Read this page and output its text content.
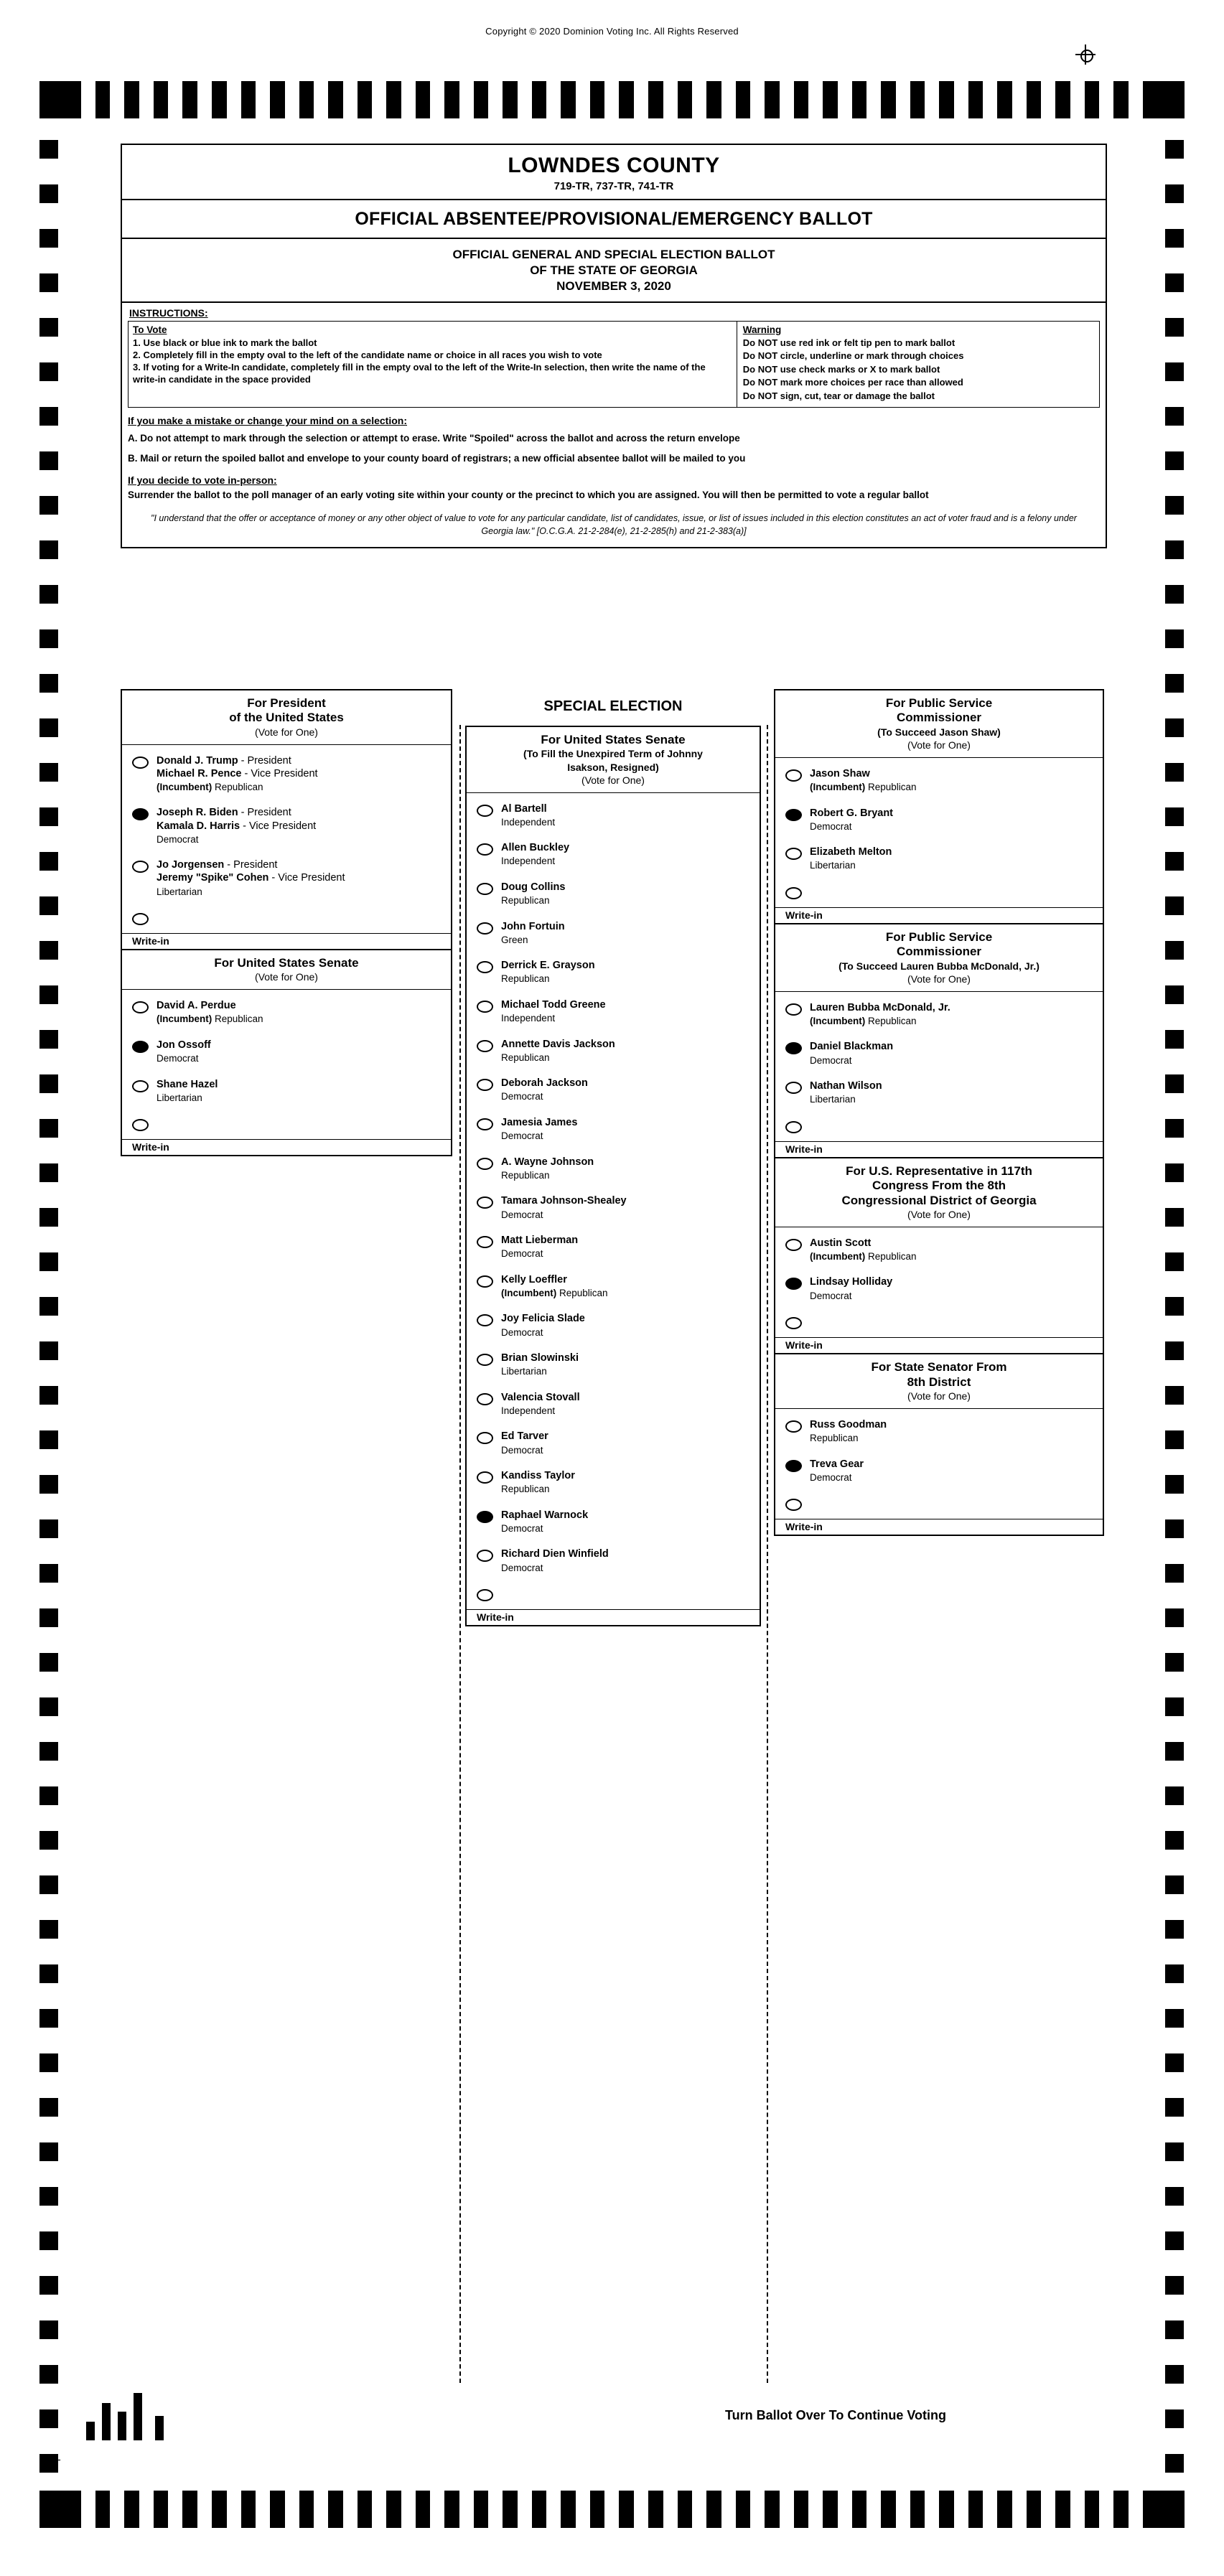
Copyright © 2020 Dominion Voting Inc. All Rights Reserved
LOWNDES COUNTY
719-TR, 737-TR, 741-TR
OFFICIAL ABSENTEE/PROVISIONAL/EMERGENCY BALLOT
OFFICIAL GENERAL AND SPECIAL ELECTION BALLOT
OF THE STATE OF GEORGIA
NOVEMBER 3, 2020
INSTRUCTIONS:
To Vote
1. Use black or blue ink to mark the ballot
2. Completely fill in the empty oval to the left of the candidate name or choice in all races you wish to vote
3. If voting for a Write-In candidate, completely fill in the empty oval to the left of the Write-In selection, then write the name of the write-in candidate in the space provided
Warning
Do NOT use red ink or felt tip pen to mark ballot
Do NOT circle, underline or mark through choices
Do NOT use check marks or X to mark ballot
Do NOT mark more choices per race than allowed
Do NOT sign, cut, tear or damage the ballot
If you make a mistake or change your mind on a selection:
A. Do not attempt to mark through the selection or attempt to erase. Write "Spoiled" across the ballot and across the return envelope
B. Mail or return the spoiled ballot and envelope to your county board of registrars; a new official absentee ballot will be mailed to you
If you decide to vote in-person:
Surrender the ballot to the poll manager of an early voting site within your county or the precinct to which you are assigned. You will then be permitted to vote a regular ballot
"I understand that the offer or acceptance of money or any other object of value to vote for any particular candidate, list of candidates, issue, or list of issues included in this election constitutes an act of voter fraud and is a felony under Georgia law." [O.C.G.A. 21-2-284(e), 21-2-285(h) and 21-2-383(a)]
For President
of the United States
(Vote for One)
Donald J. Trump - President
Michael R. Pence - Vice President
(Incumbent) Republican
Joseph R. Biden - President
Kamala D. Harris - Vice President
Democrat
Jo Jorgensen - President
Jeremy "Spike" Cohen - Vice President
Libertarian
Write-in
For United States Senate
(Vote for One)
David A. Perdue
(Incumbent) Republican
Jon Ossoff
Democrat
Shane Hazel
Libertarian
Write-in
SPECIAL ELECTION
For United States Senate
(To Fill the Unexpired Term of Johnny
Isakson, Resigned)
(Vote for One)
Al Bartell
Independent
Allen Buckley
Independent
Doug Collins
Republican
John Fortuin
Green
Derrick E. Grayson
Republican
Michael Todd Greene
Independent
Annette Davis Jackson
Republican
Deborah Jackson
Democrat
Jamesia James
Democrat
A. Wayne Johnson
Republican
Tamara Johnson-Shealey
Democrat
Matt Lieberman
Democrat
Kelly Loeffler
(Incumbent) Republican
Joy Felicia Slade
Democrat
Brian Slowinski
Libertarian
Valencia Stovall
Independent
Ed Tarver
Democrat
Kandiss Taylor
Republican
Raphael Warnock
Democrat
Richard Dien Winfield
Democrat
Write-in
For Public Service
Commissioner
(To Succeed Jason Shaw)
(Vote for One)
Jason Shaw
(Incumbent) Republican
Robert G. Bryant
Democrat
Elizabeth Melton
Libertarian
Write-in
For Public Service
Commissioner
(To Succeed Lauren Bubba McDonald, Jr.)
(Vote for One)
Lauren Bubba McDonald, Jr.
(Incumbent) Republican
Daniel Blackman
Democrat
Nathan Wilson
Libertarian
Write-in
For U.S. Representative in 117th
Congress From the 8th
Congressional District of Georgia
(Vote for One)
Austin Scott
(Incumbent) Republican
Lindsay Holliday
Democrat
Write-in
For State Senator From
8th District
(Vote for One)
Russ Goodman
Republican
Treva Gear
Democrat
Write-in
Turn Ballot Over To Continue Voting
+
